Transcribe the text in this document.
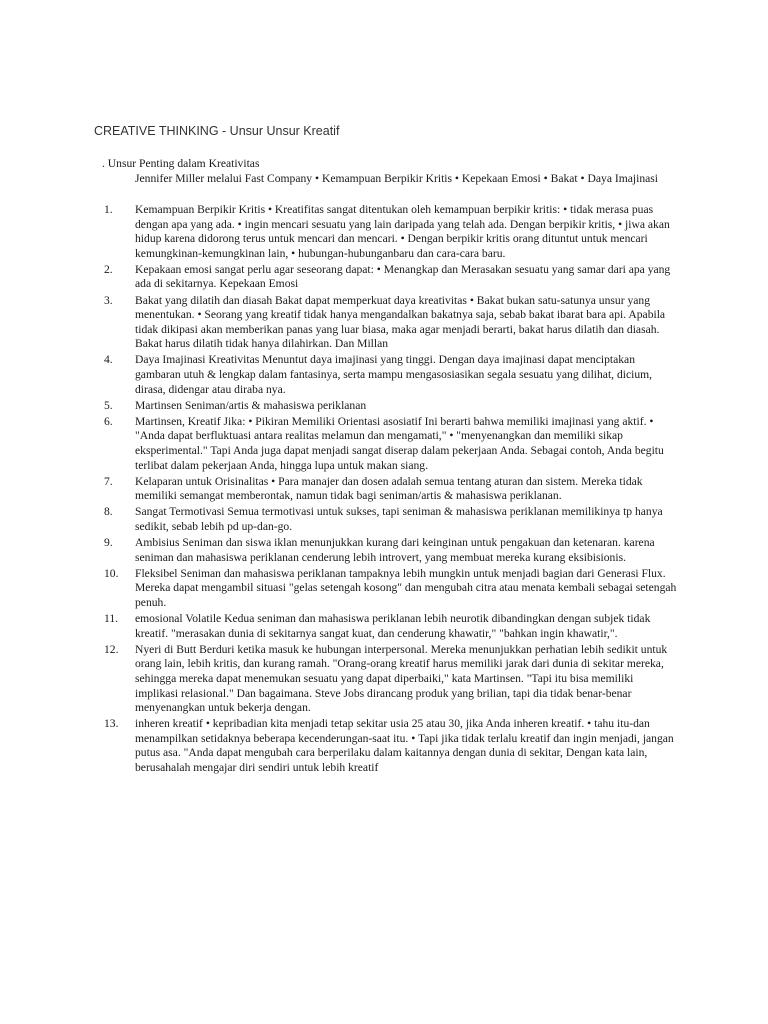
CREATIVE THINKING - Unsur Unsur Kreatif
. Unsur Penting dalam Kreativitas
Jennifer Miller melalui Fast Company • Kemampuan Berpikir Kritis • Kepekaan Emosi • Bakat • Daya Imajinasi
1.	Kemampuan Berpikir Kritis • Kreatifitas sangat ditentukan oleh kemampuan berpikir kritis: • tidak merasa puas dengan apa yang ada. • ingin mencari sesuatu yang lain daripada yang telah ada. Dengan berpikir kritis, • jiwa akan hidup karena didorong terus untuk mencari dan mencari. • Dengan berpikir kritis orang dituntut untuk mencari kemungkinan-kemungkinan lain, • hubungan-hubunganbaru dan cara-cara baru.
2.	Kepakaan emosi sangat perlu agar seseorang dapat: • Menangkap dan Merasakan sesuatu yang samar dari apa yang ada di sekitarnya. Kepekaan Emosi
3.	Bakat yang dilatih dan diasah Bakat dapat memperkuat daya kreativitas • Bakat bukan satu-satunya unsur yang menentukan. • Seorang yang kreatif tidak hanya mengandalkan bakatnya saja, sebab bakat ibarat bara api. Apabila tidak dikipasi akan memberikan panas yang luar biasa, maka agar menjadi berarti, bakat harus dilatih dan diasah. Bakat harus dilatih tidak hanya dilahirkan. Dan Millan
4.	Daya Imajinasi Kreativitas Menuntut daya imajinasi yang tinggi. Dengan daya imajinasi dapat menciptakan gambaran utuh & lengkap dalam fantasinya, serta mampu mengasosiasikan segala sesuatu yang dilihat, dicium, dirasa, didengar atau diraba nya.
5.	Martinsen Seniman/artis & mahasiswa periklanan
6.	Martinsen, Kreatif Jika: • Pikiran Memiliki Orientasi asosiatif Ini berarti bahwa memiliki imajinasi yang aktif. • "Anda dapat berfluktuasi antara realitas melamun dan mengamati," • "menyenangkan dan memiliki sikap eksperimental." Tapi Anda juga dapat menjadi sangat diserap dalam pekerjaan Anda. Sebagai contoh, Anda begitu terlibat dalam pekerjaan Anda, hingga lupa untuk makan siang.
7.	Kelaparan untuk Orisinalitas • Para manajer dan dosen adalah semua tentang aturan dan sistem. Mereka tidak memiliki semangat memberontak, namun tidak bagi seniman/artis & mahasiswa periklanan.
8.	Sangat Termotivasi Semua termotivasi untuk sukses, tapi seniman & mahasiswa periklanan memilikinya tp hanya sedikit, sebab lebih pd up-dan-go.
9.	Ambisius Seniman dan siswa iklan menunjukkan kurang dari keinginan untuk pengakuan dan ketenaran. karena seniman dan mahasiswa periklanan cenderung lebih introvert, yang membuat mereka kurang eksibisionis.
10.	Fleksibel Seniman dan mahasiswa periklanan tampaknya lebih mungkin untuk menjadi bagian dari Generasi Flux. Mereka dapat mengambil situasi "gelas setengah kosong" dan mengubah citra atau menata kembali sebagai setengah penuh.
11.	emosional Volatile Kedua seniman dan mahasiswa periklanan lebih neurotik dibandingkan dengan subjek tidak kreatif. "merasakan dunia di sekitarnya sangat kuat, dan cenderung khawatir," "bahkan ingin khawatir,".
12.	Nyeri di Butt Berduri ketika masuk ke hubungan interpersonal. Mereka menunjukkan perhatian lebih sedikit untuk orang lain, lebih kritis, dan kurang ramah. "Orang-orang kreatif harus memiliki jarak dari dunia di sekitar mereka, sehingga mereka dapat menemukan sesuatu yang dapat diperbaiki," kata Martinsen. "Tapi itu bisa memiliki implikasi relasional." Dan bagaimana. Steve Jobs dirancang produk yang brilian, tapi dia tidak benar-benar menyenangkan untuk bekerja dengan.
13.	inheren kreatif • kepribadian kita menjadi tetap sekitar usia 25 atau 30, jika Anda inheren kreatif. • tahu itu-dan menampilkan setidaknya beberapa kecenderungan-saat itu. • Tapi jika tidak terlalu kreatif dan ingin menjadi, jangan putus asa. "Anda dapat mengubah cara berperilaku dalam kaitannya dengan dunia di sekitar, Dengan kata lain, berusahalah mengajar diri sendiri untuk lebih kreatif
